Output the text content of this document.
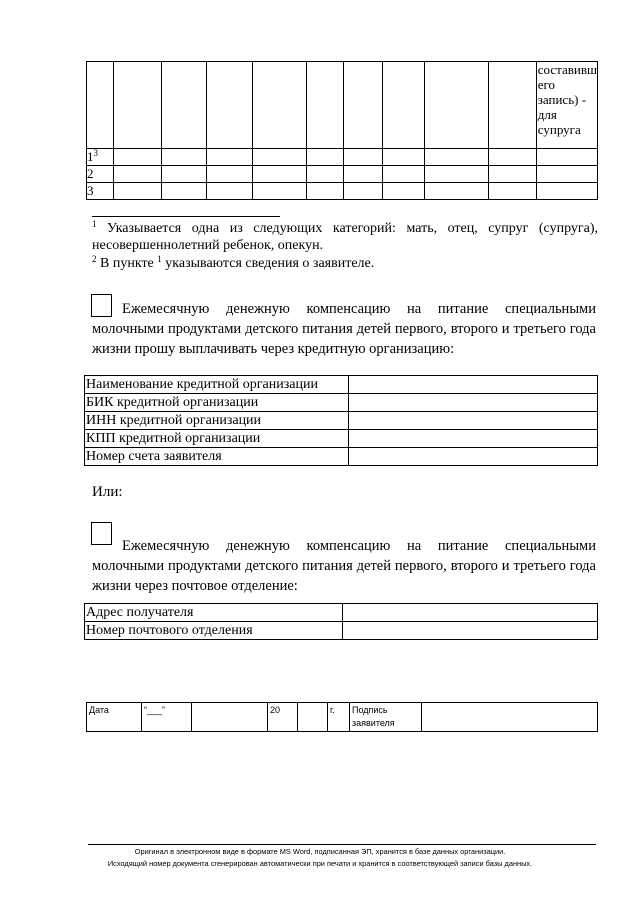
										составивш
его
запись) -
для
супруга

$1^3$										
2										
3										
$^1$ Указывается одна из следующих категорий: мать, отец, супруг (супруга), несовершеннолетний ребенок, опекун.
$^2$ В пункте $^1$ указываются сведения о заявителе.
Ежемесячную денежную компенсацию на питание специальными молочными продуктами детского питания детей первого, второго и третьего года жизни прошу выплачивать через кредитную организацию:
Наименование кредитной организации	
БИК кредитной организации	
ИНН кредитной организации	
КПП кредитной организации	
Номер счета заявителя	
Или:
Ежемесячную денежную компенсацию на питание специальными молочными продуктами детского питания детей первого, второго и третьего года жизни через почтовое отделение:
Адрес получателя	
Номер почтового отделения	
Дата	“___”		20		г.	Подпись заявителя	
Оригинал в электронном виде в формате MS Word, подписанная ЭП, хранится в базе данных организации.
Исходящий номер документа сгенерирован автоматически при печати и хранится в соответствующей записи базы данных.
